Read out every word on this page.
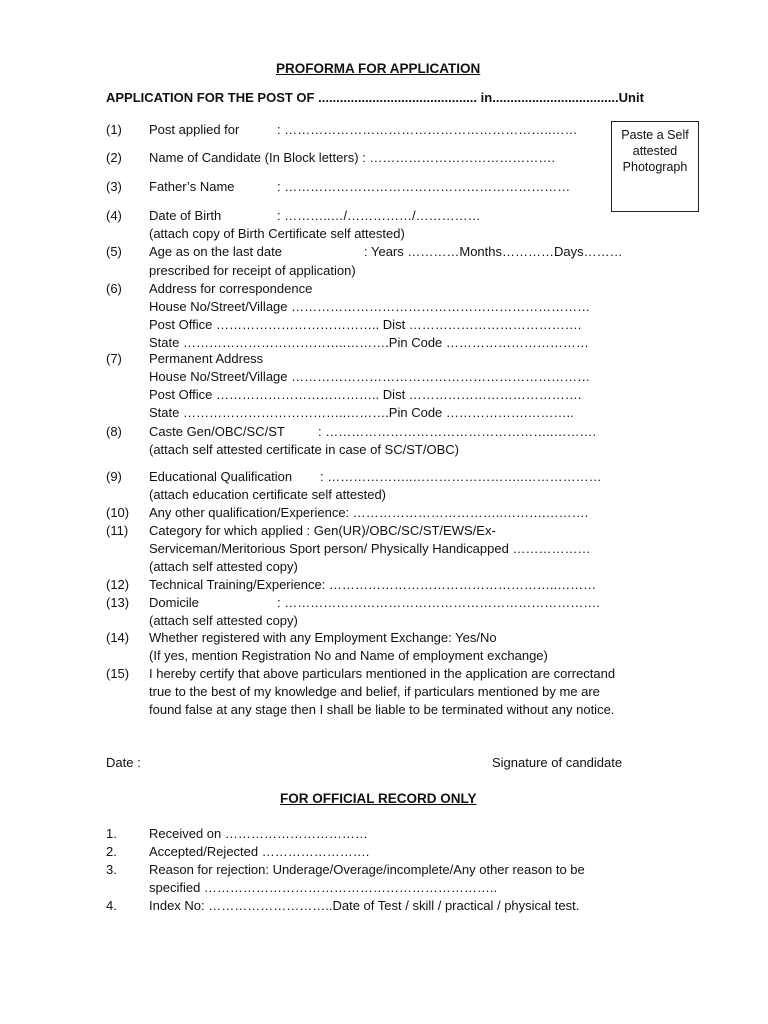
PROFORMA FOR APPLICATION
APPLICATION FOR THE POST OF ............................................ in...................................Unit
Paste a Self
attested
Photograph
(1) Post applied for	: ……………………………………………………..……
(2) Name of Candidate (In Block letters) : …………………………………….
(3) Father’s Name	: …………………………………………………………
(4) Date of Birth	: ………..…/……………/……………
(attach copy of Birth Certificate self attested)
(5) Age as on the last date	: Years …………Months…………Days………
prescribed for receipt of application)
(6) Address for correspondence
House No/Street/Village ……………………………………………………………
Post Office ……………………………….. Dist ………………………………….
State ………………………………..……….Pin Code ……………………………
(7) Permanent Address
House No/Street/Village ……………………………………………………………
Post Office ……………………………….. Dist ………………………………….
State ………………………………..……….Pin Code ……………….………..
(8) Caste Gen/OBC/SC/ST	: ……………………………………………..……….
(attach self attested certificate in case of SC/ST/OBC)
(9) Educational Qualification : ………………..……………………..………………
(attach education certificate self attested)
(10) Any other qualification/Experience: ……………………………..……….……….
(11) Category for which applied : Gen(UR)/OBC/SC/ST/EWS/Ex-
Serviceman/Meritorious Sport person/ Physically Handicapped ………………
(attach self attested copy)
(12) Technical Training/Experience: ……………………………………………..………
(13) Domicile	: ……………………………………………………………….
(attach self attested copy)
(14) Whether registered with any Employment Exchange: Yes/No
(If yes, mention Registration No and Name of employment exchange)
(15) I hereby certify that above particulars mentioned in the application are correctand
true to the best of my knowledge and belief, if particulars mentioned by me are
found false at any stage then I shall be liable to be terminated without any notice.
Date :	Signature of candidate
FOR OFFICIAL RECORD ONLY
1. Received on ……………………………
2. Accepted/Rejected …………………….
3. Reason for rejection: Underage/Overage/incomplete/Any other reason to be
specified …………………………………………………………..
4. Index No: ………………………..Date of Test / skill / practical / physical test.
